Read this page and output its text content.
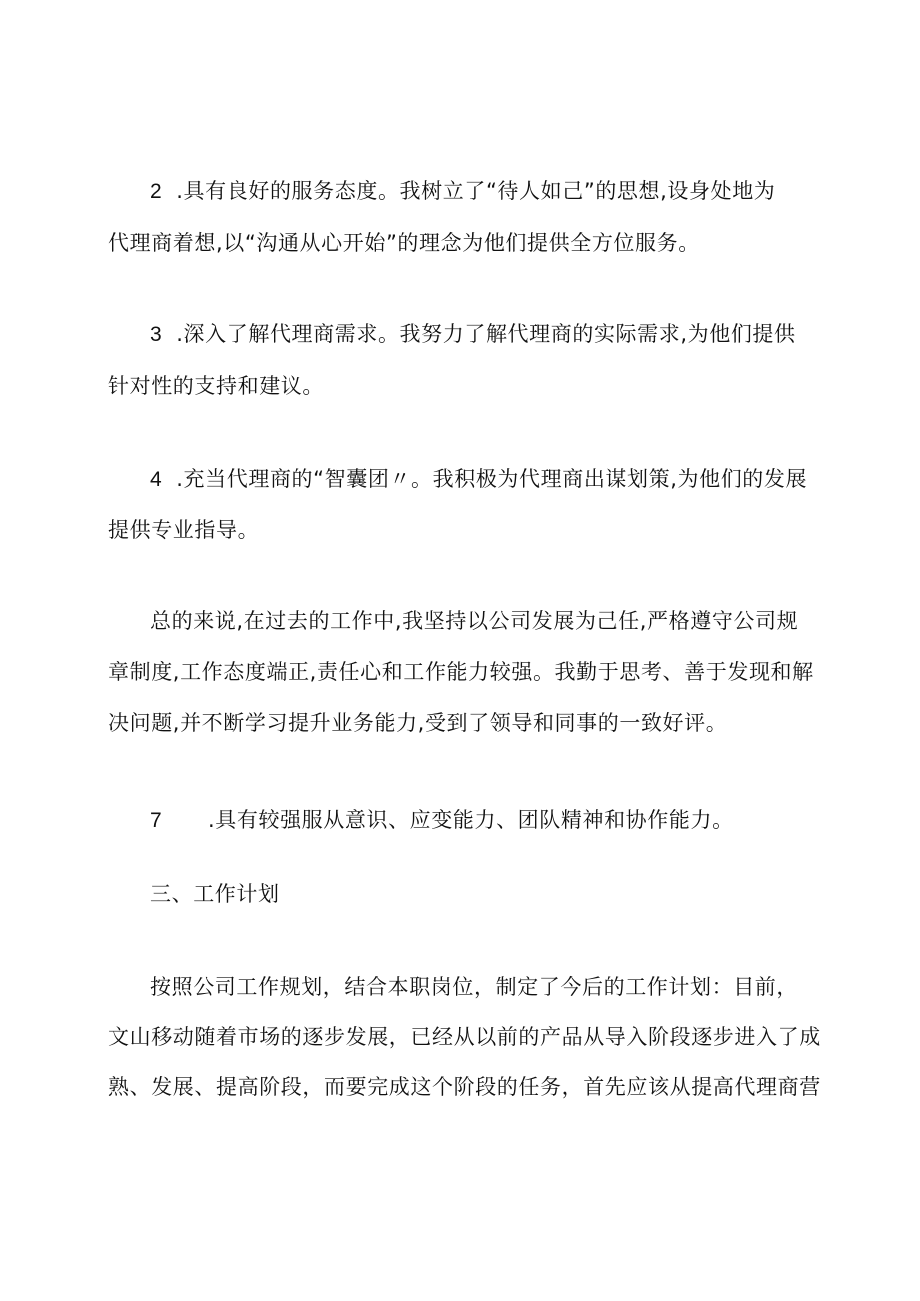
2 .具有良好的服务态度。我树立了“待人如己”的思想,设身处地为
代理商着想,以“沟通从心开始”的理念为他们提供全方位服务。
3 .深入了解代理商需求。我努力了解代理商的实际需求,为他们提供
针对性的支持和建议。
4 .充当代理商的“智囊团〃。我积极为代理商出谋划策,为他们的发展
提供专业指导。
总的来说,在过去的工作中,我坚持以公司发展为己任,严格遵守公司规
章制度,工作态度端正,责任心和工作能力较强。我勤于思考、善于发现和解
决问题,并不断学习提升业务能力,受到了领导和同事的一致好评。
7 .具有较强服从意识、应变能力、团队精神和协作能力。
三、工作计划
按照公司工作规划，结合本职岗位，制定了今后的工作计划：目前，
文山移动随着市场的逐步发展，已经从以前的产品从导入阶段逐步进入了成
熟、发展、提高阶段，而要完成这个阶段的任务，首先应该从提高代理商营
